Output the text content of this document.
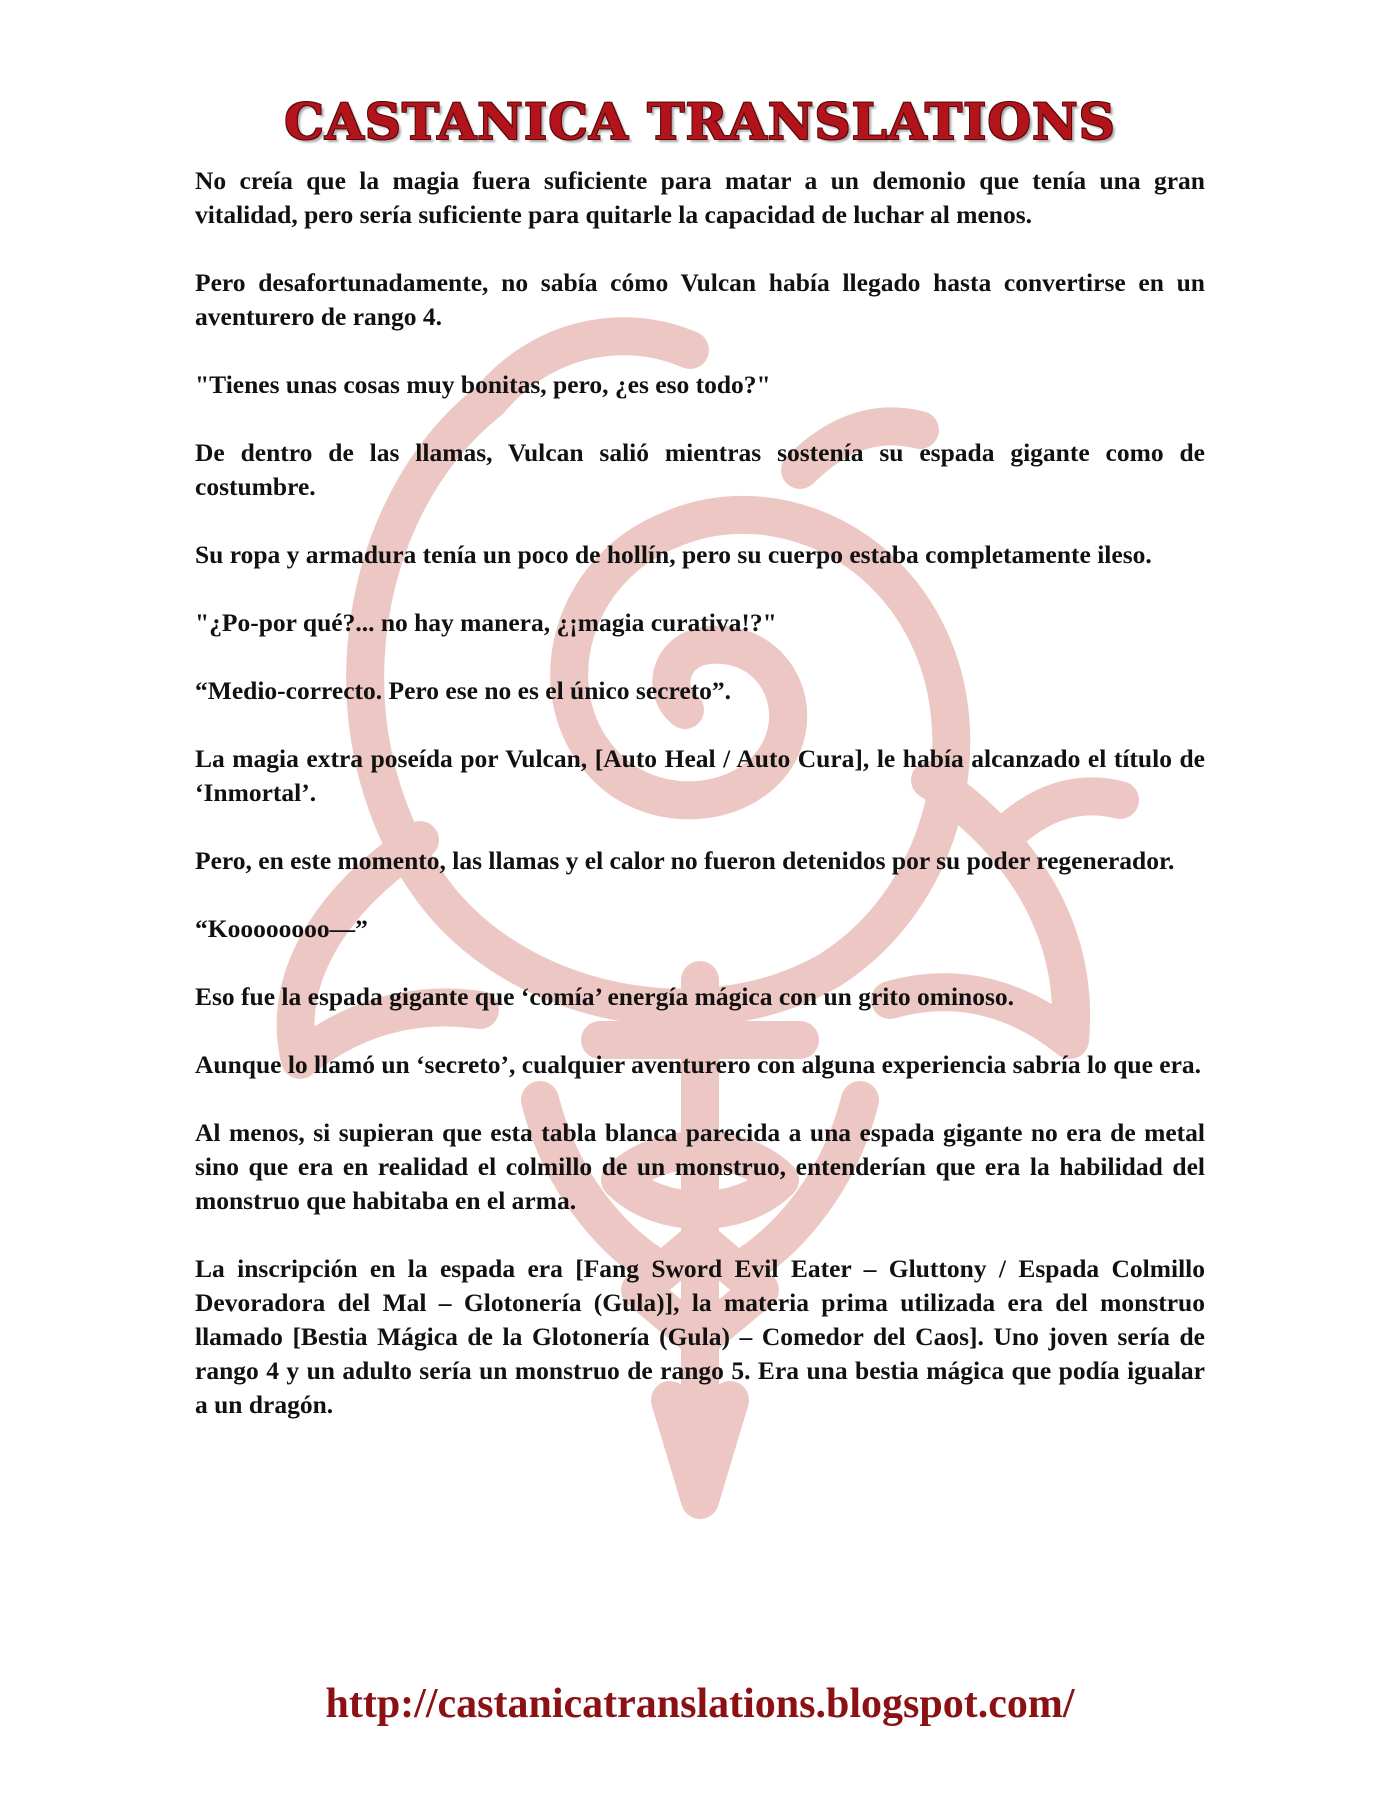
CASTANICA TRANSLATIONS

No creía que la magia fuera suficiente para matar a un demonio que tenía una gran vitalidad, pero sería suficiente para quitarle la capacidad de luchar al menos.

Pero desafortunadamente, no sabía cómo Vulcan había llegado hasta convertirse en un aventurero de rango 4.

"Tienes unas cosas muy bonitas, pero, ¿es eso todo?"

De dentro de las llamas, Vulcan salió mientras sostenía su espada gigante como de costumbre.

Su ropa y armadura tenía un poco de hollín, pero su cuerpo estaba completamente ileso.

"¿Po-por qué?... no hay manera, ¿¡magia curativa!?"

“Medio-correcto. Pero ese no es el único secreto”.

La magia extra poseída por Vulcan, [Auto Heal / Auto Cura], le había alcanzado el título de ‘Inmortal’.

Pero, en este momento, las llamas y el calor no fueron detenidos por su poder regenerador.

“Koooooooo—”

Eso fue la espada gigante que ‘comía’ energía mágica con un grito ominoso.

Aunque lo llamó un ‘secreto’, cualquier aventurero con alguna experiencia sabría lo que era.

Al menos, si supieran que esta tabla blanca parecida a una espada gigante no era de metal sino que era en realidad el colmillo de un monstruo, entenderían que era la habilidad del monstruo que habitaba en el arma.

La inscripción en la espada era [Fang Sword Evil Eater – Gluttony / Espada Colmillo Devoradora del Mal – Glotonería (Gula)], la materia prima utilizada era del monstruo llamado [Bestia Mágica de la Glotonería (Gula) – Comedor del Caos]. Uno joven sería de rango 4 y un adulto sería un monstruo de rango 5. Era una bestia mágica que podía igualar a un dragón.

http://castanicatranslations.blogspot.com/
